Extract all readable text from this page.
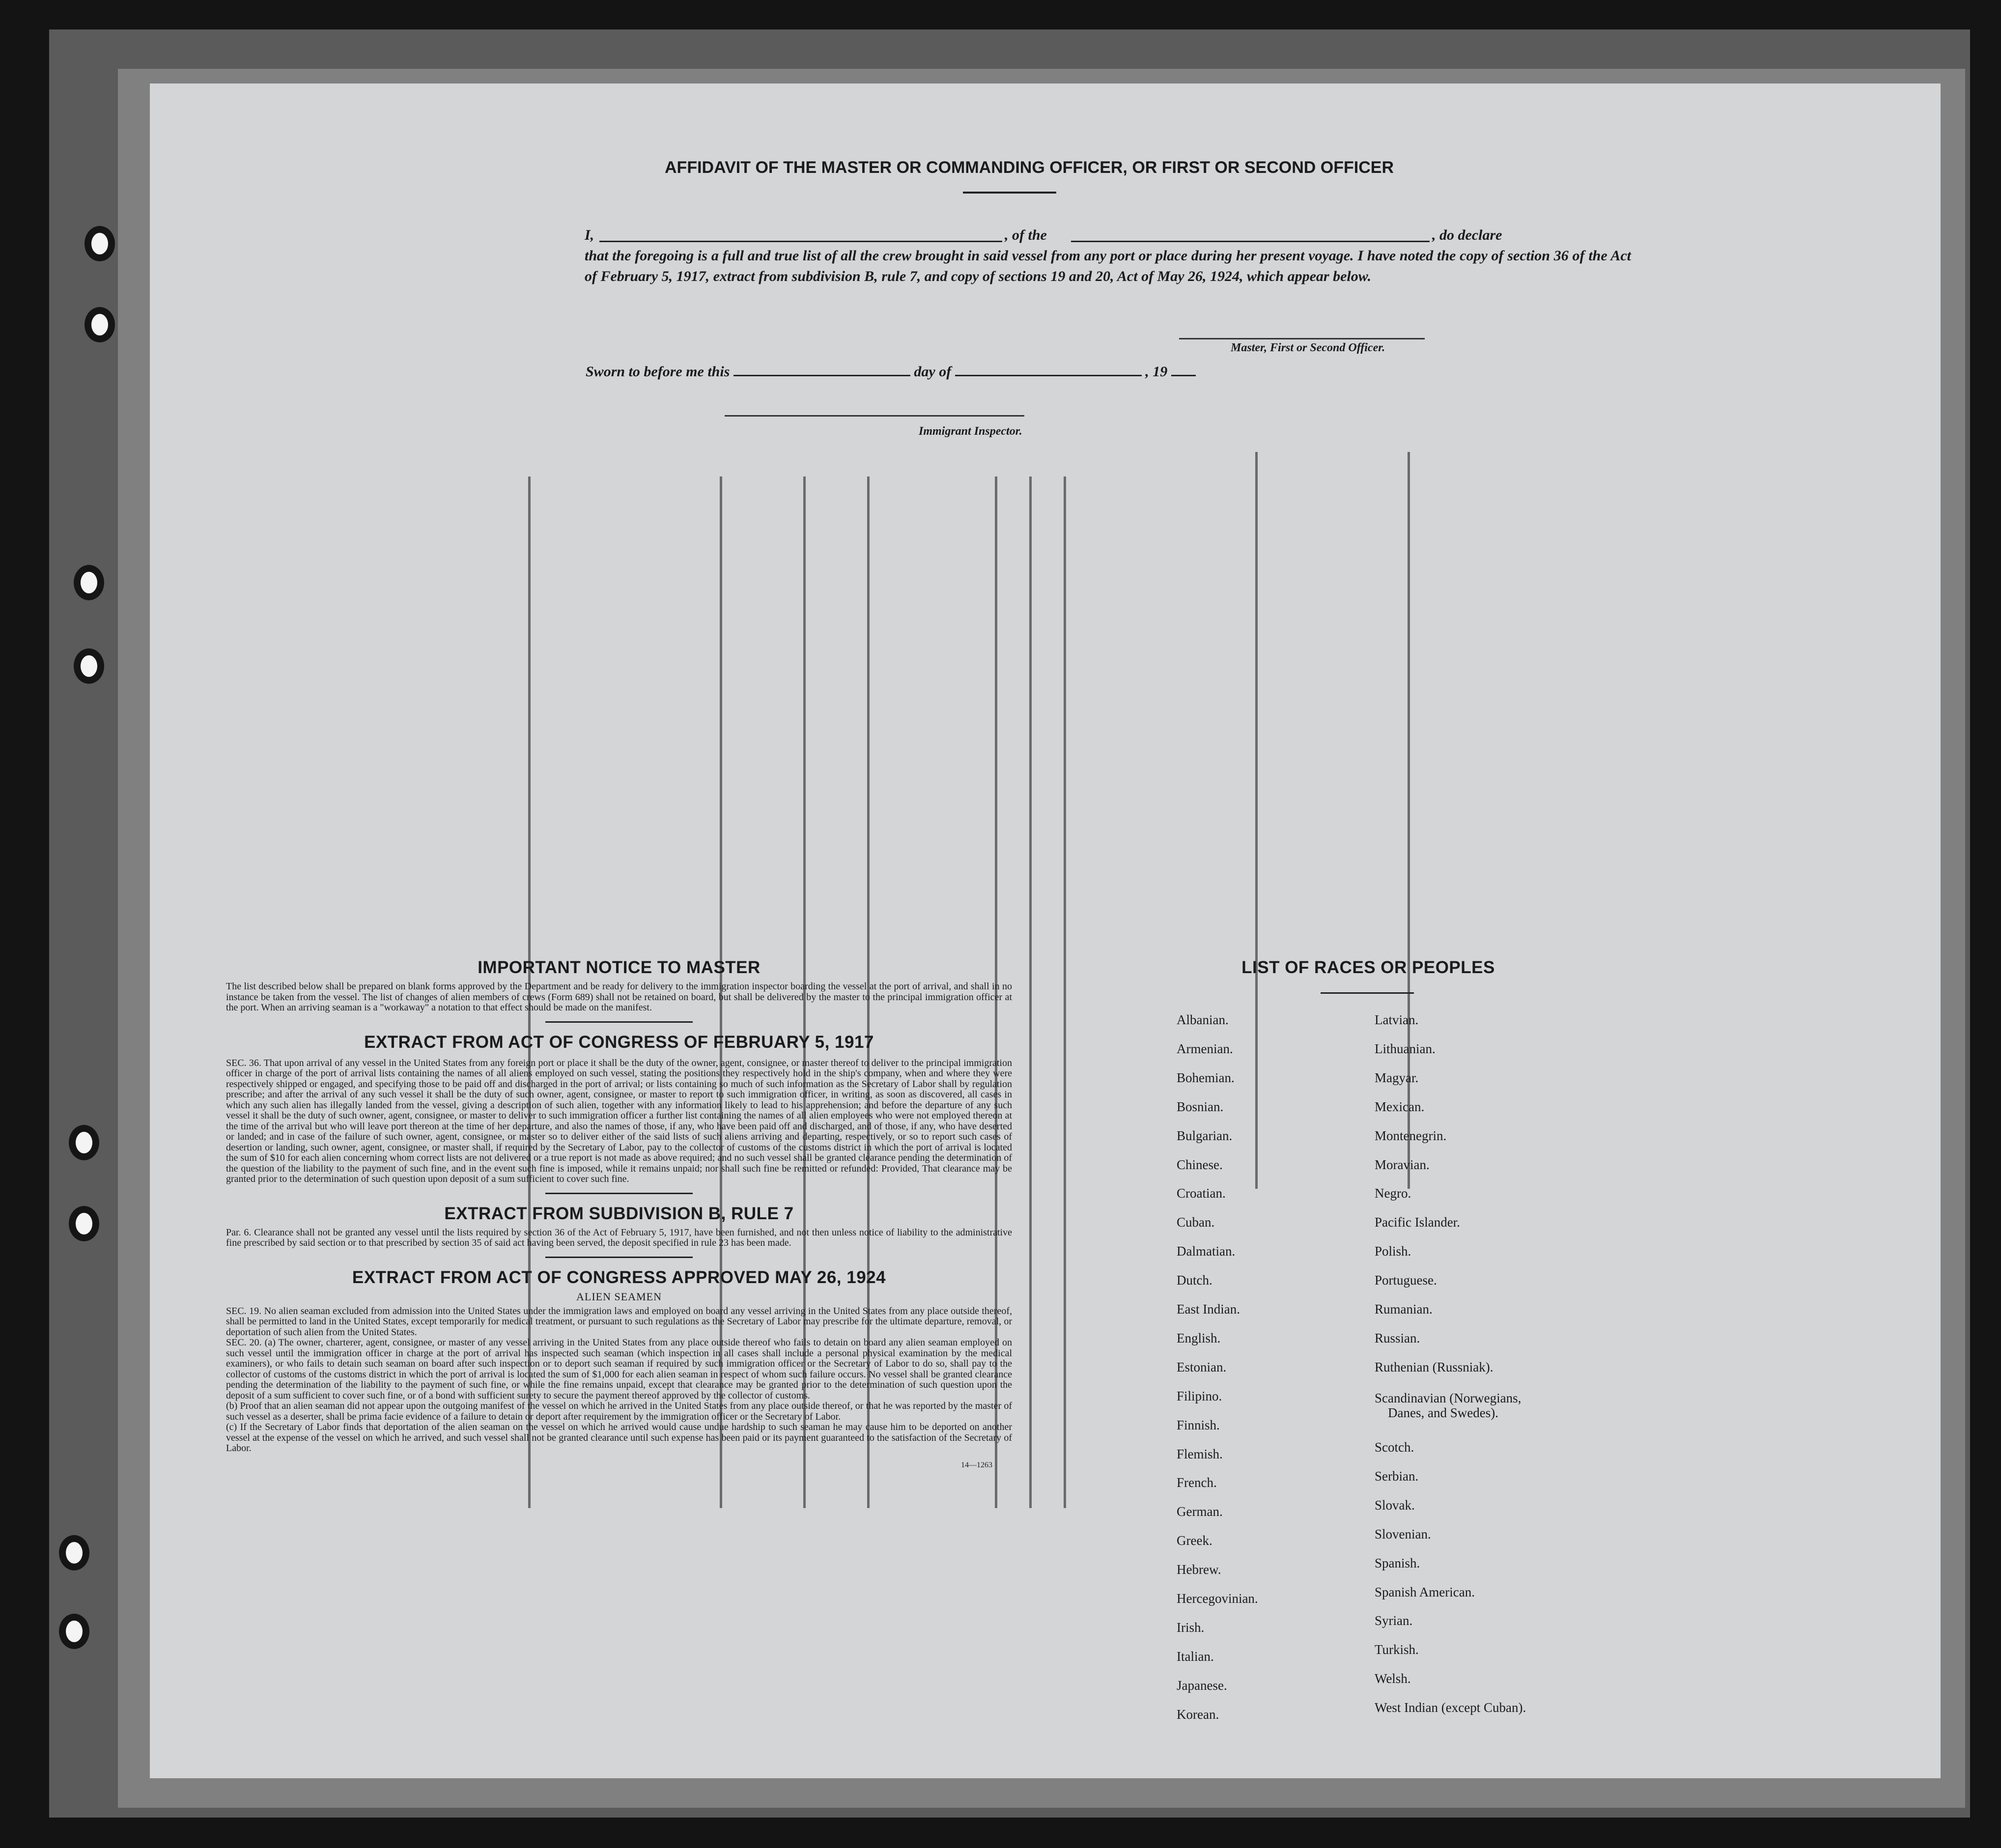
AFFIDAVIT OF THE MASTER OR COMMANDING OFFICER, OR FIRST OR SECOND OFFICER
I,	, of the	, do declare
that the foregoing is a full and true list of all the crew brought in said vessel from any port or place during her present voyage. I have noted the copy of section 36 of the Act of February 5, 1917, extract from subdivision B, rule 7, and copy of sections 19 and 20, Act of May 26, 1924, which appear below.
Master, First or Second Officer.
Sworn to before me this	day of	, 19
Immigrant Inspector.
IMPORTANT NOTICE TO MASTER
The list described below shall be prepared on blank forms approved by the Department and be ready for delivery to the immigration inspector boarding the vessel at the port of arrival, and shall in no instance be taken from the vessel. The list of changes of alien members of crews (Form 689) shall not be retained on board, but shall be delivered by the master to the principal immigration officer at the port. When an arriving seaman is a "workaway" a notation to that effect should be made on the manifest.
EXTRACT FROM ACT OF CONGRESS OF FEBRUARY 5, 1917
SEC. 36. That upon arrival of any vessel in the United States from any foreign port or place it shall be the duty of the owner, agent, consignee, or master thereof to deliver to the principal immigration officer in charge of the port of arrival lists containing the names of all aliens employed on such vessel, stating the positions they respectively hold in the ship's company, when and where they were respectively shipped or engaged, and specifying those to be paid off and discharged in the port of arrival; or lists containing so much of such information as the Secretary of Labor shall by regulation prescribe; and after the arrival of any such vessel it shall be the duty of such owner, agent, consignee, or master to report to such immigration officer, in writing, as soon as discovered, all cases in which any such alien has illegally landed from the vessel, giving a description of such alien, together with any information likely to lead to his apprehension; and before the departure of any such vessel it shall be the duty of such owner, agent, consignee, or master to deliver to such immigration officer a further list containing the names of all alien employees who were not employed thereon at the time of the arrival but who will leave port thereon at the time of her departure, and also the names of those, if any, who have been paid off and discharged, and of those, if any, who have deserted or landed; and in case of the failure of such owner, agent, consignee, or master so to deliver either of the said lists of such aliens arriving and departing, respectively, or so to report such cases of desertion or landing, such owner, agent, consignee, or master shall, if required by the Secretary of Labor, pay to the collector of customs of the customs district in which the port of arrival is located the sum of $10 for each alien concerning whom correct lists are not delivered or a true report is not made as above required; and no such vessel shall be granted clearance pending the determination of the question of the liability to the payment of such fine, and in the event such fine is imposed, while it remains unpaid; nor shall such fine be remitted or refunded: Provided, That clearance may be granted prior to the determination of such question upon deposit of a sum sufficient to cover such fine.
EXTRACT FROM SUBDIVISION B, RULE 7
Par. 6. Clearance shall not be granted any vessel until the lists required by section 36 of the Act of February 5, 1917, have been furnished, and not then unless notice of liability to the administrative fine prescribed by said section or to that prescribed by section 35 of said act having been served, the deposit specified in rule 23 has been made.
EXTRACT FROM ACT OF CONGRESS APPROVED MAY 26, 1924
ALIEN SEAMEN
SEC. 19. No alien seaman excluded from admission into the United States under the immigration laws and employed on board any vessel arriving in the United States from any place outside thereof, shall be permitted to land in the United States, except temporarily for medical treatment, or pursuant to such regulations as the Secretary of Labor may prescribe for the ultimate departure, removal, or deportation of such alien from the United States.
SEC. 20. (a) The owner, charterer, agent, consignee, or master of any vessel arriving in the United States from any place outside thereof who fails to detain on board any alien seaman employed on such vessel until the immigration officer in charge at the port of arrival has inspected such seaman (which inspection in all cases shall include a personal physical examination by the medical examiners), or who fails to detain such seaman on board after such inspection or to deport such seaman if required by such immigration officer or the Secretary of Labor to do so, shall pay to the collector of customs of the customs district in which the port of arrival is located the sum of $1,000 for each alien seaman in respect of whom such failure occurs. No vessel shall be granted clearance pending the determination of the liability to the payment of such fine, or while the fine remains unpaid, except that clearance may be granted prior to the determination of such question upon the deposit of a sum sufficient to cover such fine, or of a bond with sufficient surety to secure the payment thereof approved by the collector of customs.
(b) Proof that an alien seaman did not appear upon the outgoing manifest of the vessel on which he arrived in the United States from any place outside thereof, or that he was reported by the master of such vessel as a deserter, shall be prima facie evidence of a failure to detain or deport after requirement by the immigration officer or the Secretary of Labor.
(c) If the Secretary of Labor finds that deportation of the alien seaman on the vessel on which he arrived would cause undue hardship to such seaman he may cause him to be deported on another vessel at the expense of the vessel on which he arrived, and such vessel shall not be granted clearance until such expense has been paid or its payment guaranteed to the satisfaction of the Secretary of Labor.
14—1263
LIST OF RACES OR PEOPLES
Scandinavian (Norwegians,
Danes, and Swedes).
Albanian.
Armenian.
Bohemian.
Bosnian.
Bulgarian.
Chinese.
Croatian.
Cuban.
Dalmatian.
Dutch.
East Indian.
English.
Estonian.
Filipino.
Finnish.
Flemish.
French.
German.
Greek.
Hebrew.
Hercegovinian.
Irish.
Italian.
Japanese.
Korean.
Latvian.
Lithuanian.
Magyar.
Mexican.
Montenegrin.
Moravian.
Negro.
Pacific Islander.
Polish.
Portuguese.
Rumanian.
Russian.
Ruthenian (Russniak).
Scotch.
Serbian.
Slovak.
Slovenian.
Spanish.
Spanish American.
Syrian.
Turkish.
Welsh.
West Indian (except Cuban).
